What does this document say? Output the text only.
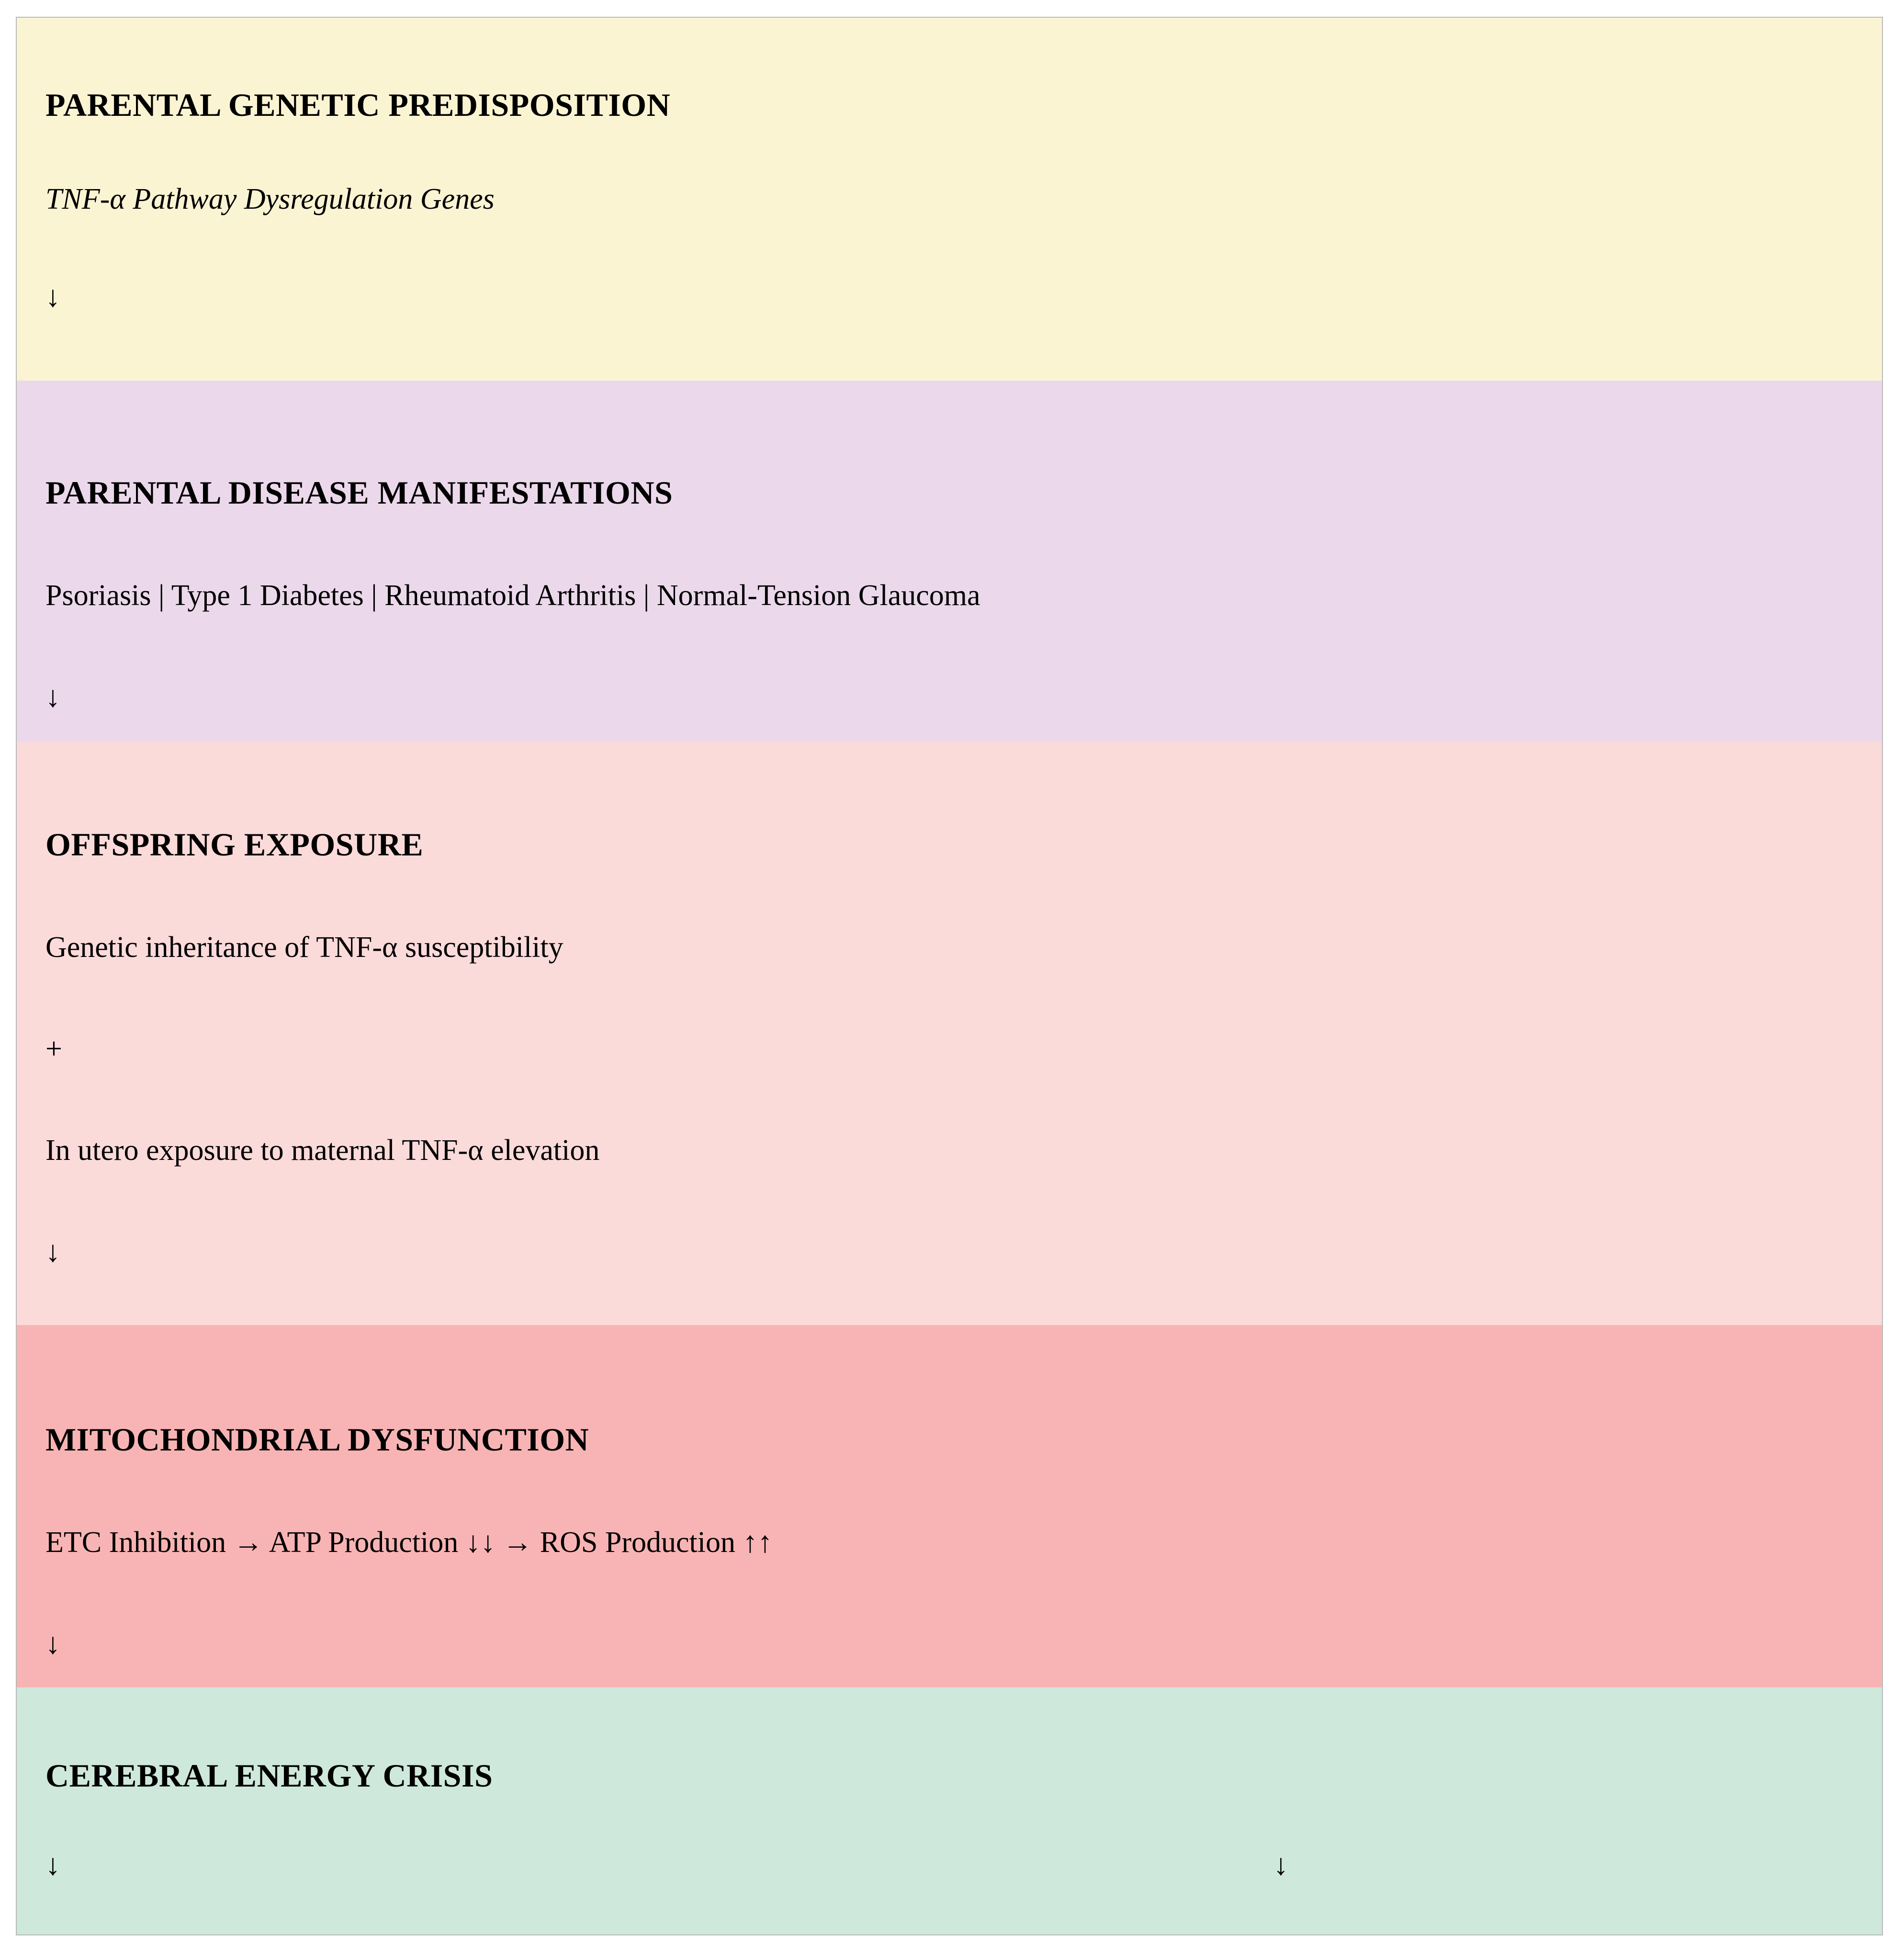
PARENTAL GENETIC PREDISPOSITION
TNF-α Pathway Dysregulation Genes
↓
PARENTAL DISEASE MANIFESTATIONS
Psoriasis | Type 1 Diabetes | Rheumatoid Arthritis | Normal-Tension Glaucoma
↓
OFFSPRING EXPOSURE
Genetic inheritance of TNF-α susceptibility
+
In utero exposure to maternal TNF-α elevation
↓
MITOCHONDRIAL DYSFUNCTION
ETC Inhibition → ATP Production ↓↓ → ROS Production ↑↑
↓
CEREBRAL ENERGY CRISIS
↓	↓
